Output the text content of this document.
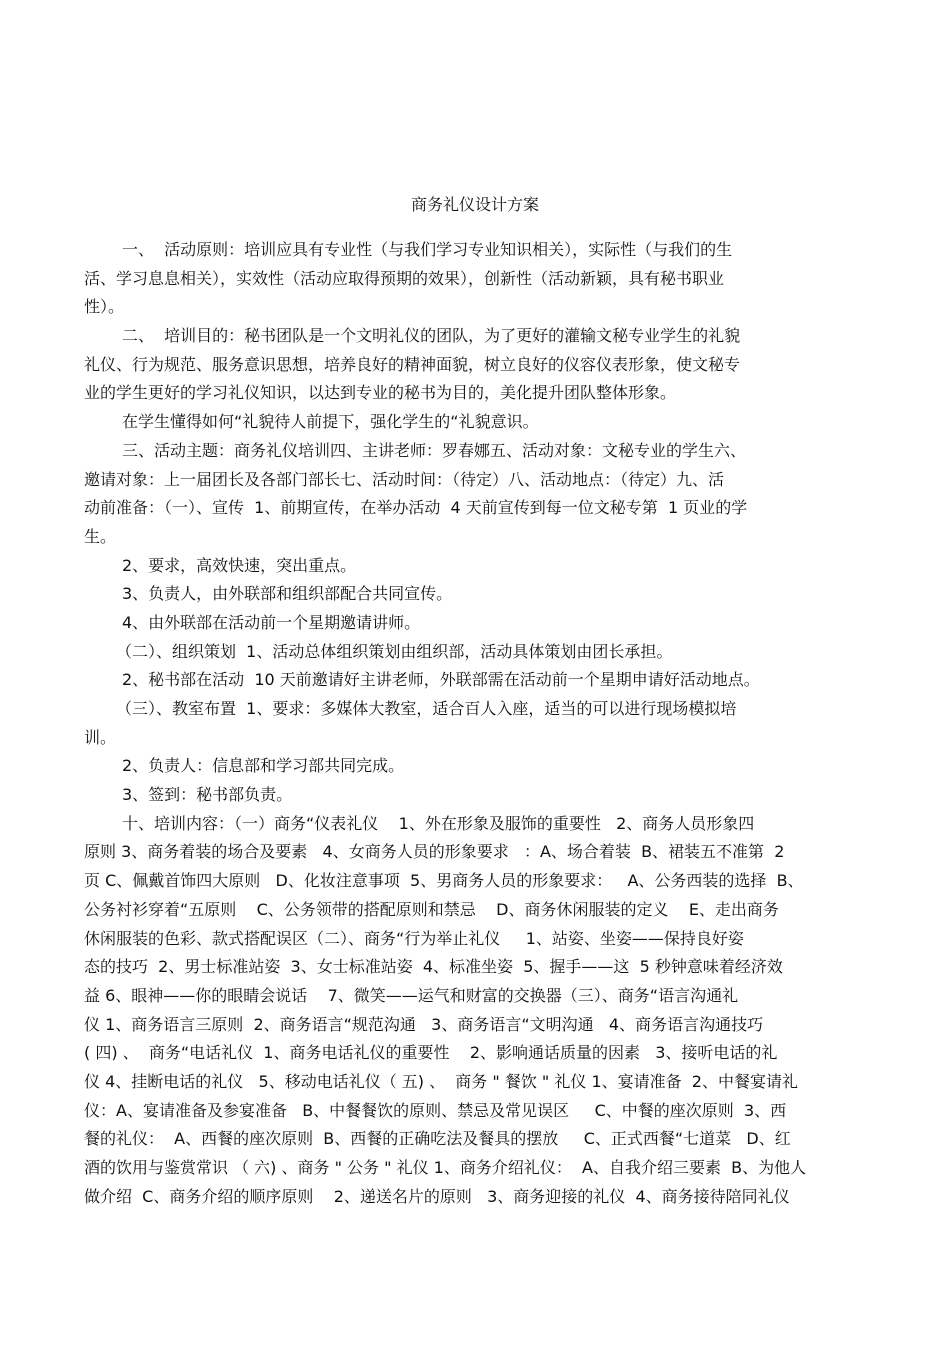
商务礼仪设计方案
一、  活动原则：培训应具有专业性（与我们学习专业知识相关），实际性（与我们的生
活、学习息息相关），实效性（活动应取得预期的效果），创新性（活动新颖，具有秘书职业
性）。
二、  培训目的：秘书团队是一个文明礼仪的团队，为了更好的灌输文秘专业学生的礼貌
礼仪、行为规范、服务意识思想，培养良好的精神面貌，树立良好的仪容仪表形象，使文秘专
业的学生更好的学习礼仪知识，以达到专业的秘书为目的，美化提升团队整体形象。
在学生懂得如何“礼貌待人前提下，强化学生的“礼貌意识。
三、活动主题：商务礼仪培训四、主讲老师：罗春娜五、活动对象：文秘专业的学生六、
邀请对象：上一届团长及各部门部长七、活动时间：（待定）八、活动地点：（待定）九、活
动前准备：（一）、宣传  1、前期宣传，在举办活动  4 天前宣传到每一位文秘专第  1 页业的学
生。
2、要求，高效快速，突出重点。
3、负责人，由外联部和组织部配合共同宣传。
4、由外联部在活动前一个星期邀请讲师。
（二）、组织策划  1、活动总体组织策划由组织部，活动具体策划由团长承担。
2、秘书部在活动  10 天前邀请好主讲老师，外联部需在活动前一个星期申请好活动地点。
（三）、教室布置  1、要求：多媒体大教室，适合百人入座，适当的可以进行现场模拟培
训。
2、负责人：信息部和学习部共同完成。
3、签到：秘书部负责。
十、培训内容：（一）商务“仪表礼仪    1、外在形象及服饰的重要性   2、商务人员形象四
原则 3、商务着装的场合及要素   4、女商务人员的形象要求   ：A、场合着装  B、裙装五不准第  2
页 C、佩戴首饰四大原则   D、化妆注意事项  5、男商务人员的形象要求：   A、公务西装的选择  B、
公务衬衫穿着“五原则    C、公务领带的搭配原则和禁忌    D、商务休闲服装的定义    E、走出商务
休闲服装的色彩、款式搭配误区（二）、商务“行为举止礼仪     1、站姿、坐姿——保持良好姿
态的技巧  2、男士标准站姿  3、女士标准站姿  4、标准坐姿  5、握手——这  5 秒钟意味着经济效
益 6、眼神——你的眼睛会说话    7、微笑——运气和财富的交换器（三）、商务“语言沟通礼
仪 1、商务语言三原则  2、商务语言“规范沟通   3、商务语言“文明沟通   4、商务语言沟通技巧
( 四) 、  商务“电话礼仪  1、商务电话礼仪的重要性    2、影响通话质量的因素   3、接听电话的礼
仪 4、挂断电话的礼仪   5、移动电话礼仪（ 五) 、  商务 " 餐饮 " 礼仪 1、宴请准备  2、中餐宴请礼
仪：A、宴请准备及参宴准备   B、中餐餐饮的原则、禁忌及常见误区     C、中餐的座次原则  3、西
餐的礼仪：  A、西餐的座次原则  B、西餐的正确吃法及餐具的摆放     C、正式西餐“七道菜   D、红
酒的饮用与鉴赏常识 （ 六) 、商务 " 公务 " 礼仪 1、商务介绍礼仪：  A、自我介绍三要素  B、为他人
做介绍  C、商务介绍的顺序原则    2、递送名片的原则   3、商务迎接的礼仪  4、商务接待陪同礼仪
